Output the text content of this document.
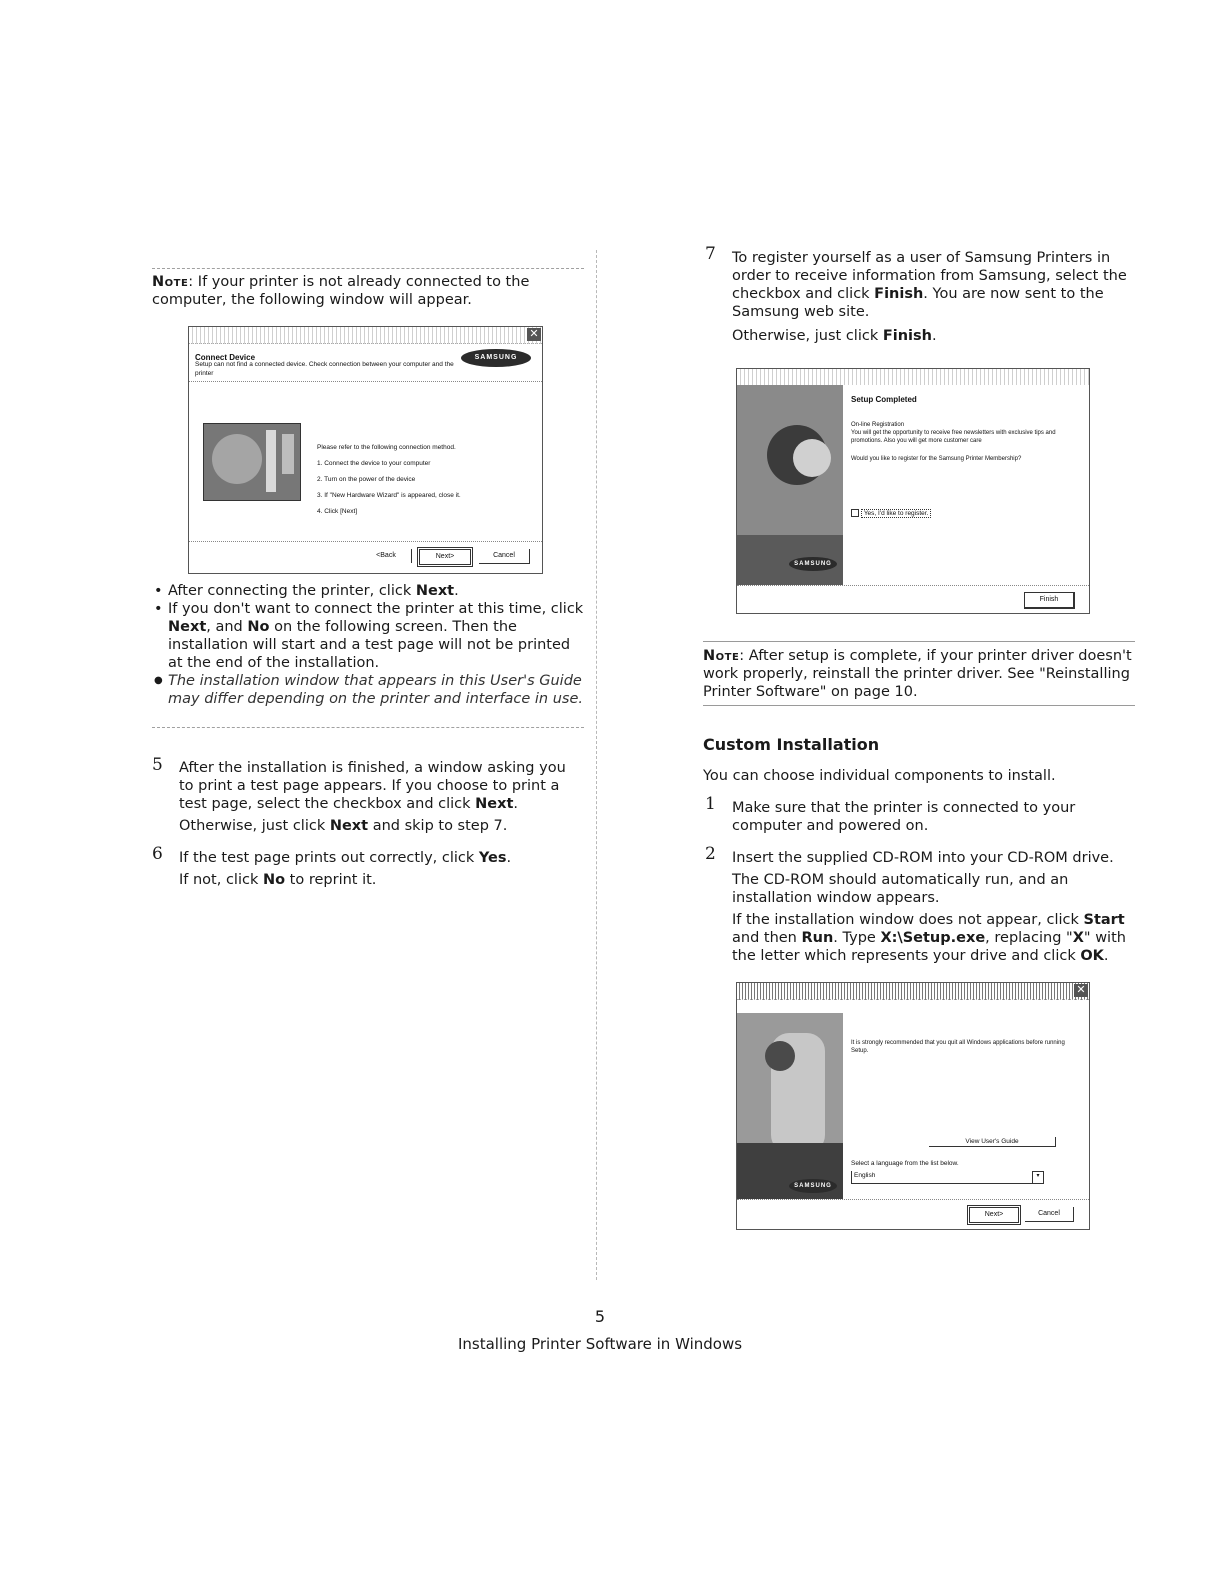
Note: If your printer is not already connected to the computer, the following window will appear.
✕
Connect Device
Setup can not find a connected device. Check connection between your computer and the printer
SAMSUNG
Please refer to the following connection method.
1. Connect the device to your computer
2. Turn on the power of the device
3. If "New Hardware Wizard" is appeared, close it.
4. Click [Next]
<Back	Next>	Cancel
• After connecting the printer, click Next.
• If you don't want to connect the printer at this time, click Next, and No on the following screen. Then the installation will start and a test page will not be printed at the end of the installation.
● The installation window that appears in this User's Guide may differ depending on the printer and interface in use.
5 After the installation is finished, a window asking you to print a test page appears. If you choose to print a test page, select the checkbox and click Next.
Otherwise, just click Next and skip to step 7.
6 If the test page prints out correctly, click Yes.
If not, click No to reprint it.
7 To register yourself as a user of Samsung Printers in order to receive information from Samsung, select the checkbox and click Finish. You are now sent to the Samsung web site.
Otherwise, just click Finish.
SAMSUNG
Setup Completed
On-line Registration
You will get the opportunity to receive free newsletters with exclusive tips and promotions. Also you will get more customer care
Would you like to register for the Samsung Printer Membership?
Yes, I'd like to register.
Finish
Note: After setup is complete, if your printer driver doesn't work properly, reinstall the printer driver. See "Reinstalling Printer Software" on page 10.
Custom Installation
You can choose individual components to install.
1 Make sure that the printer is connected to your computer and powered on.
2 Insert the supplied CD-ROM into your CD-ROM drive.
The CD-ROM should automatically run, and an installation window appears.
If the installation window does not appear, click Start and then Run. Type X:\Setup.exe, replacing "X" with the letter which represents your drive and click OK.
✕
SAMSUNG
It is strongly recommended that you quit all Windows applications before running Setup.
View User's Guide
Select a language from the list below.
English	▾
Next>	Cancel
5
Installing Printer Software in Windows
